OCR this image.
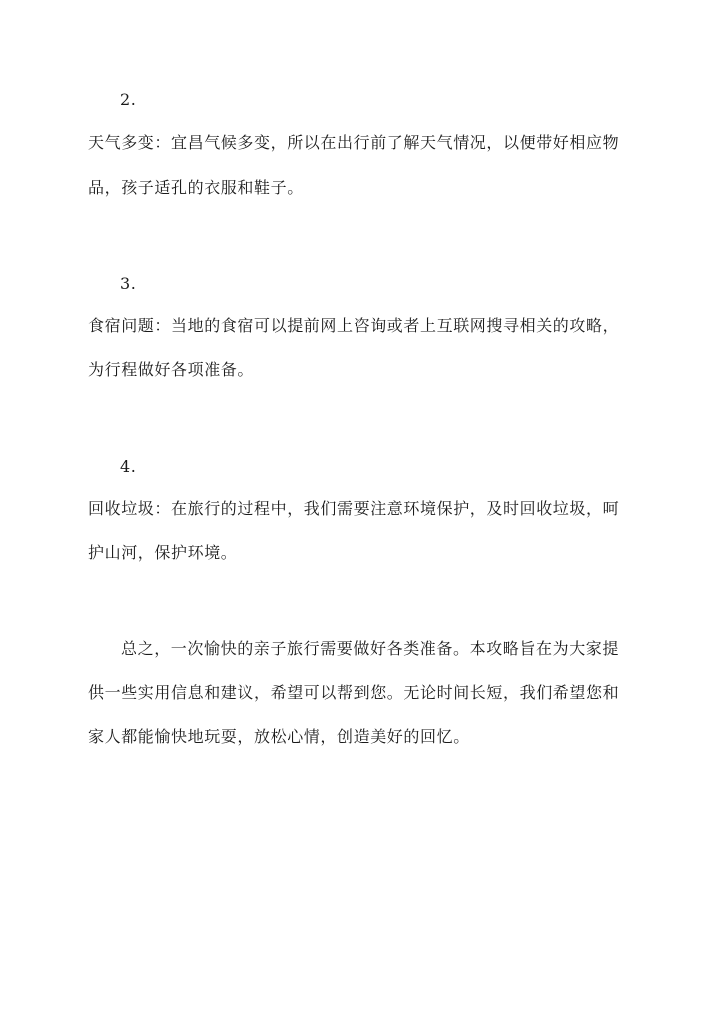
2.
天气多变：宜昌气候多变，所以在出行前了解天气情况，以便带好相应物
品，孩子适孔的衣服和鞋子。
3.
食宿问题：当地的食宿可以提前网上咨询或者上互联网搜寻相关的攻略，
为行程做好各项准备。
4.
回收垃圾：在旅行的过程中，我们需要注意环境保护，及时回收垃圾，呵
护山河，保护环境。
总之，一次愉快的亲子旅行需要做好各类准备。本攻略旨在为大家提
供一些实用信息和建议，希望可以帮到您。无论时间长短，我们希望您和
家人都能愉快地玩耍，放松心情，创造美好的回忆。
